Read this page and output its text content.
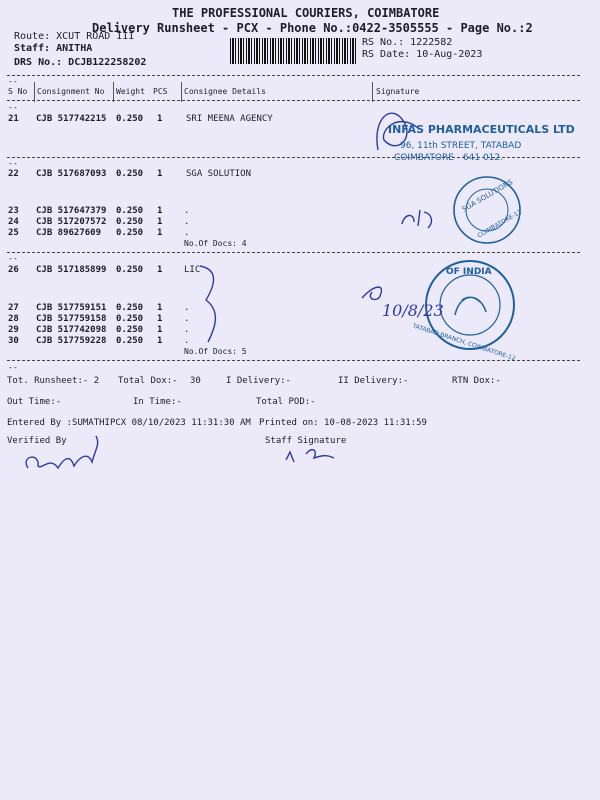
THE PROFESSIONAL COURIERS, COIMBATORE
Delivery Runsheet - PCX - Phone No.:0422-3505555 - Page No.:2
Route: XCUT ROAD III
Staff: ANITHA
DRS No.: DCJB122258202
RS No.: 1222582
RS Date: 10-Aug-2023
--
S No Consignment No Weight PCS Consignee Details	Signature
--
21 CJB 517742215 0.250 1	SRI MEENA AGENCY
--
22 CJB 517687093 0.250 1	SGA SOLUTION
23 CJB 517647379 0.250 1 .
24 CJB 517207572 0.250 1 .
25 CJB 89627609 0.250 1 .
No.Of Docs: 4
--
26 CJB 517185899 0.250 1 LIC
27 CJB 517759151 0.250 1 .
28 CJB 517759158 0.250 1 .
29 CJB 517742098 0.250 1 .
30 CJB 517759228 0.250 1 .
No.Of Docs: 5
--
Tot. Runsheet:- 2 Total Dox:- 30	I Delivery:-	II Delivery:-	RTN Dox:-
Out Time:-	In Time:-	Total POD:-
Entered By :SUMATHIPCX 08/10/2023 11:31:30 AM Printed on: 10-08-2023 11:31:59
Verified By	Staff Signature
INFAS PHARMACEUTICALS LTD
96, 11th STREET, TATABAD
COIMBATORE - 641 012.
SGA SOLUTIONS
COIMBATORE-12
OF INDIA
TATABAD BRANCH, COIMBATORE-12
10/8/23
